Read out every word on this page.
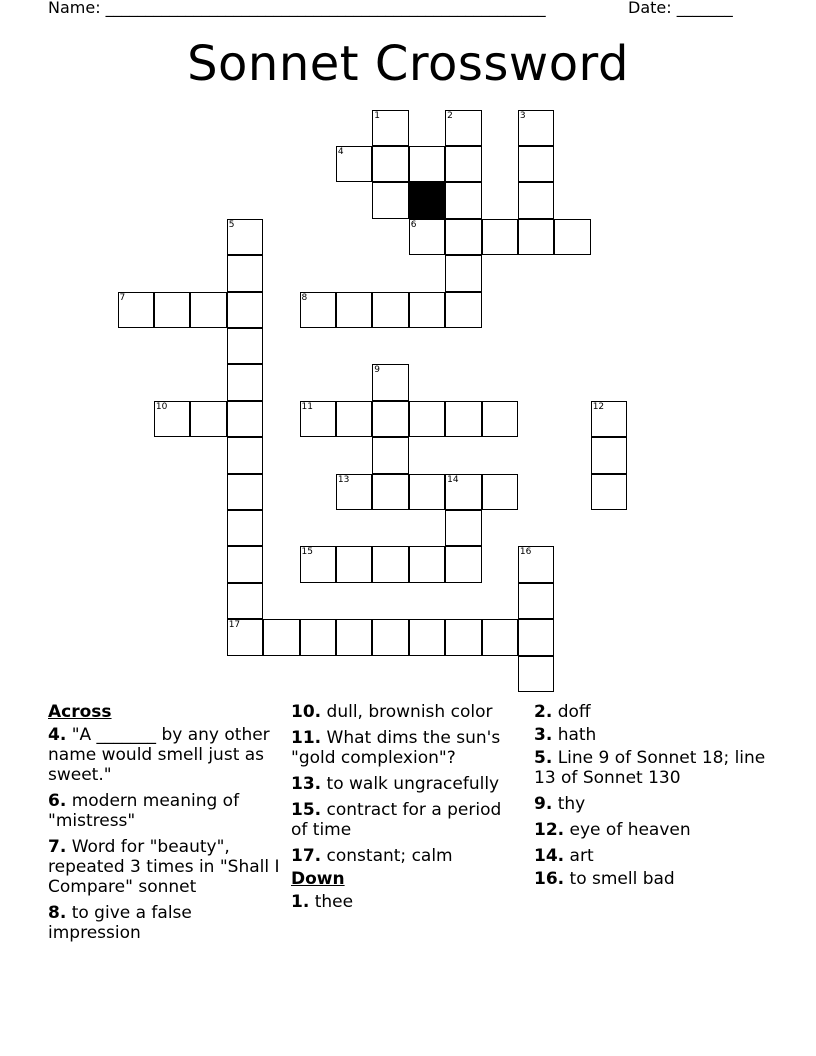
Name: _______________________________________________________	Date: _______
Sonnet Crossword
1	2	3
4
5	6
7	8
9
10	11	12
13	14
15	16
17
Across
4. "A _______ by any other name would smell just as sweet."
6. modern meaning of "mistress"
7. Word for "beauty", repeated 3 times in "Shall I Compare" sonnet
8. to give a false impression
10. dull, brownish color
11. What dims the sun's "gold complexion"?
13. to walk ungracefully
15. contract for a period of time
17. constant; calm
Down
1. thee
2. doff
3. hath
5. Line 9 of Sonnet 18; line 13 of Sonnet 130
9. thy
12. eye of heaven
14. art
16. to smell bad
